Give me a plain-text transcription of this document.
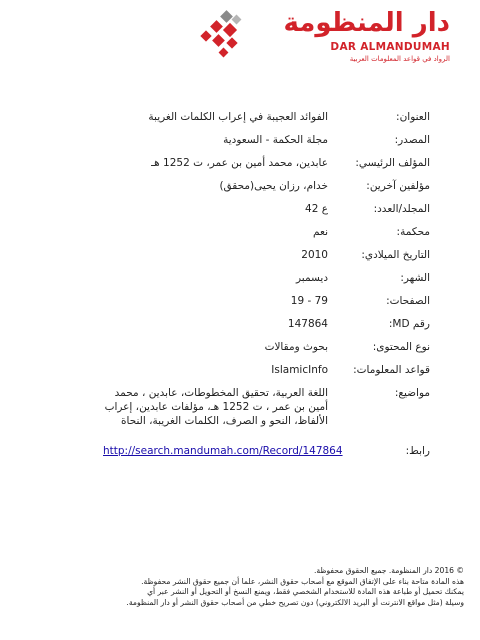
دار المنظومة
DAR ALMANDUMAH
الرواد في قواعد المعلومات العربية
العنوان:
الفوائد العجيبة في إعراب الكلمات الغريبة
المصدر:
مجلة الحكمة - السعودية
المؤلف الرئيسي:
عابدين، محمد أمين بن عمر، ت 1252 هـ
مؤلفين آخرين:
خدام، رزان يحيى(محقق)
المجلد/العدد:
ع 42
محكمة:
نعم
التاريخ الميلادي:
2010
الشهر:
ديسمبر
الصفحات:
79 - 19
رقم MD:
147864
نوع المحتوى:
بحوث ومقالات
قواعد المعلومات:
IslamicInfo
مواضيع:
اللغة العربية، تحقيق المخطوطات، عابدين ، محمد أمين بن عمر ، ت 1252 هـ، مؤلفات عابدين، إعراب الألفاظ، النحو و الصرف، الكلمات الغريبة، النحاة
رابط:
http://search.mandumah.com/Record/147864
© 2016 دار المنظومة. جميع الحقوق محفوظة.
هذه المادة متاحة بناء على الإتفاق الموقع مع أصحاب حقوق النشر، علما أن جميع حقوق النشر محفوظة.
يمكنك تحميل أو طباعة هذه المادة للاستخدام الشخصي فقط، ويمنع النسخ أو التحويل أو النشر عبر أي
وسيلة (مثل مواقع الانترنت أو البريد الالكتروني) دون تصريح خطي من أصحاب حقوق النشر أو دار المنظومة.
